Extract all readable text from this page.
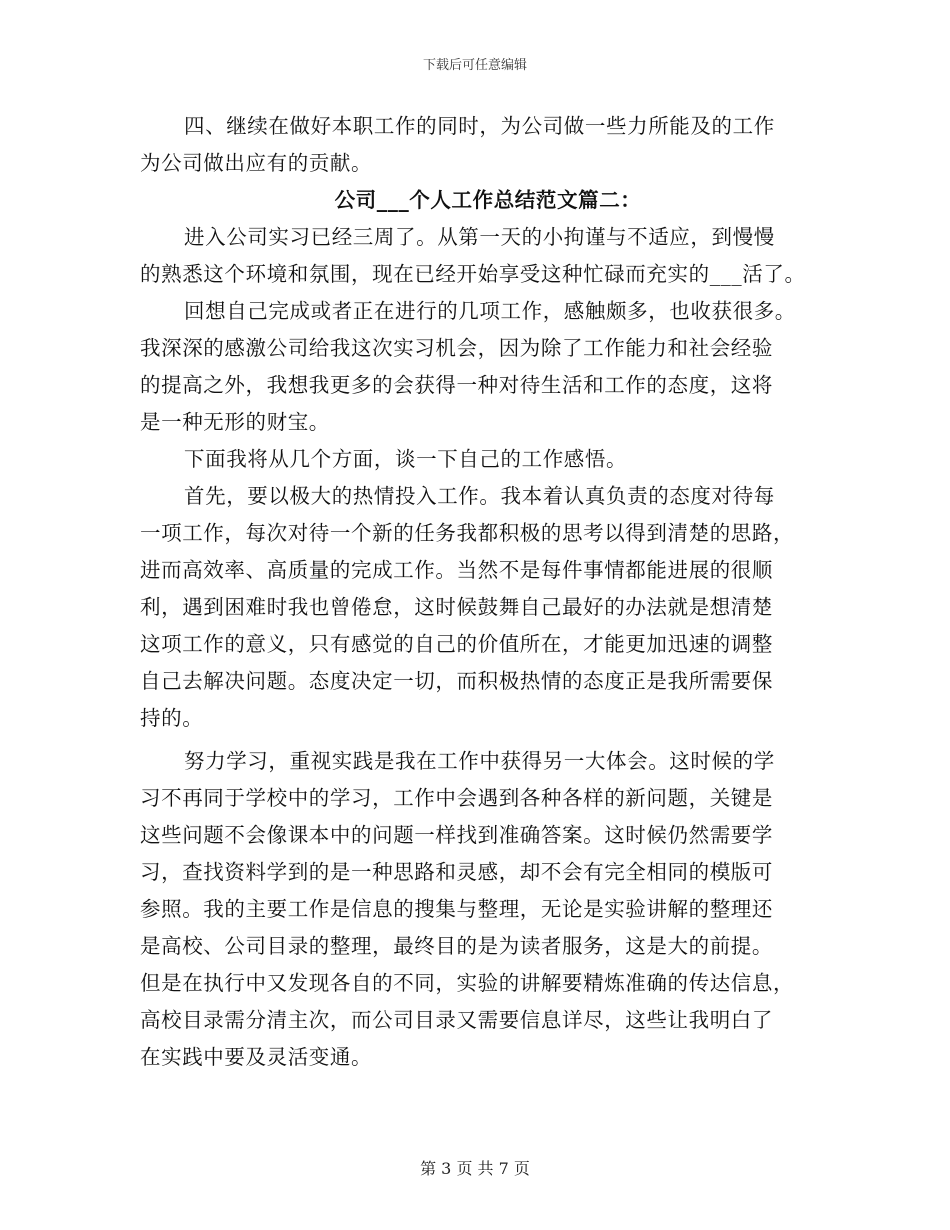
下载后可任意编辑

四、继续在做好本职工作的同时，为公司做一些力所能及的工作
为公司做出应有的贡献。

公司___个人工作总结范文篇二：

进入公司实习已经三周了。从第一天的小拘谨与不适应，到慢慢
的熟悉这个环境和氛围，现在已经开始享受这种忙碌而充实的___活了。

回想自己完成或者正在进行的几项工作，感触颇多，也收获很多。
我深深的感激公司给我这次实习机会，因为除了工作能力和社会经验
的提高之外，我想我更多的会获得一种对待生活和工作的态度，这将
是一种无形的财宝。

下面我将从几个方面，谈一下自己的工作感悟。

首先，要以极大的热情投入工作。我本着认真负责的态度对待每
一项工作，每次对待一个新的任务我都积极的思考以得到清楚的思路，
进而高效率、高质量的完成工作。当然不是每件事情都能进展的很顺
利，遇到困难时我也曾倦怠，这时候鼓舞自己最好的办法就是想清楚
这项工作的意义，只有感觉的自己的价值所在，才能更加迅速的调整
自己去解决问题。态度决定一切，而积极热情的态度正是我所需要保
持的。

努力学习，重视实践是我在工作中获得另一大体会。这时候的学
习不再同于学校中的学习，工作中会遇到各种各样的新问题，关键是
这些问题不会像课本中的问题一样找到准确答案。这时候仍然需要学
习，查找资料学到的是一种思路和灵感，却不会有完全相同的模版可
参照。我的主要工作是信息的搜集与整理，无论是实验讲解的整理还
是高校、公司目录的整理，最终目的是为读者服务，这是大的前提。
但是在执行中又发现各自的不同，实验的讲解要精炼准确的传达信息，
高校目录需分清主次，而公司目录又需要信息详尽，这些让我明白了
在实践中要及灵活变通。

第 3 页 共 7 页
